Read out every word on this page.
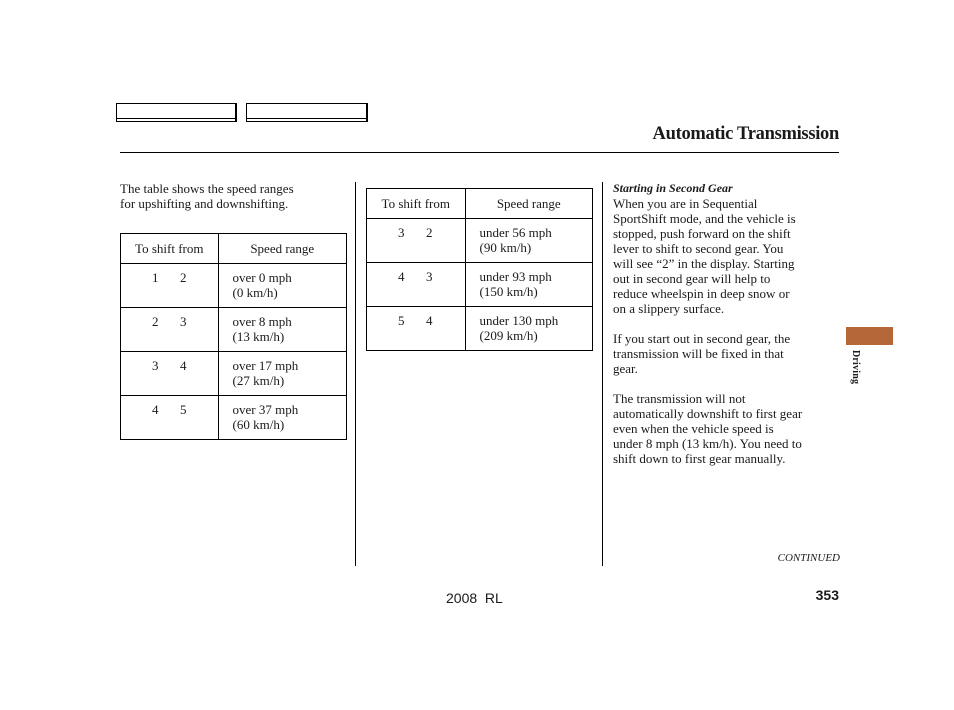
Automatic Transmission
The table shows the speed ranges
for upshifting and downshifting.
To shift from	Speed range

1 2	over 0 mph
(0 km/h)

2 3	over 8 mph
(13 km/h)

3 4	over 17 mph
(27 km/h)

4 5	over 37 mph
(60 km/h)
To shift from	Speed range

3 2	under 56 mph
(90 km/h)

4 3	under 93 mph
(150 km/h)

5 4	under 130 mph
(209 km/h)
Starting in Second Gear
When you are in Sequential
SportShift mode, and the vehicle is
stopped, push forward on the shift
lever to shift to second gear. You
will see “2” in the display. Starting
out in second gear will help to
reduce wheelspin in deep snow or
on a slippery surface.
If you start out in second gear, the
transmission will be fixed in that
gear.
The transmission will not
automatically downshift to first gear
even when the vehicle speed is
under 8 mph (13 km/h). You need to
shift down to first gear manually.
Driving
CONTINUED
2008  RL	353
